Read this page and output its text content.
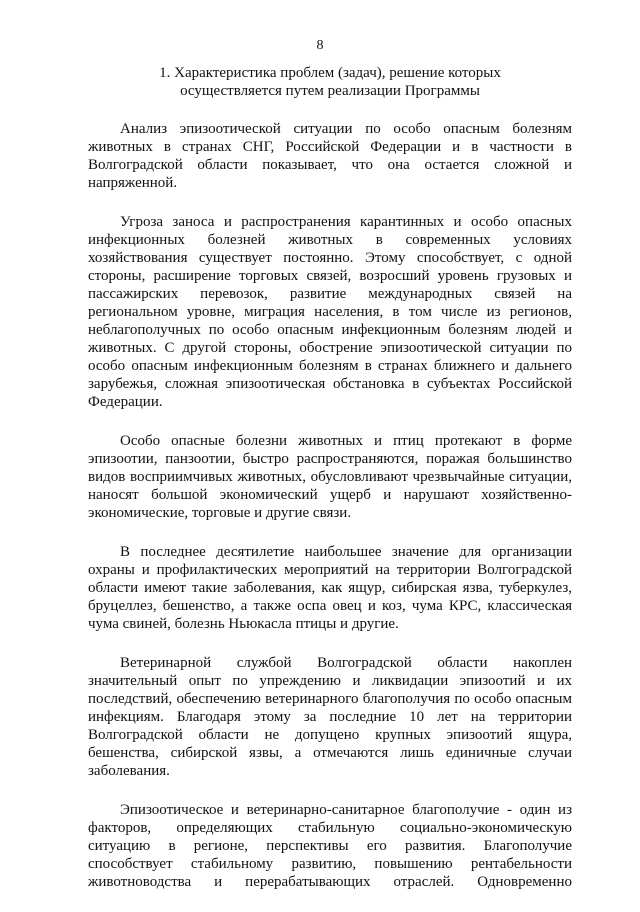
8
1. Характеристика проблем (задач), решение которых
осуществляется путем реализации Программы
Анализ эпизоотической ситуации по особо опасным болезням
животных в странах СНГ, Российской Федерации и в частности в
Волгоградской области показывает, что она остается сложной и
напряженной.
Угроза заноса и распространения карантинных и особо опасных
инфекционных болезней животных в современных условиях
хозяйствования существует постоянно. Этому способствует, с одной
стороны, расширение торговых связей, возросший уровень грузовых и
пассажирских перевозок, развитие международных связей на
региональном уровне, миграция населения, в том числе из регионов,
неблагополучных по особо опасным инфекционным болезням людей и
животных. С другой стороны, обострение эпизоотической ситуации по
особо опасным инфекционным болезням в странах ближнего и дальнего
зарубежья, сложная эпизоотическая обстановка в субъектах Российской
Федерации.
Особо опасные болезни животных и птиц протекают в форме
эпизоотии, панзоотии, быстро распространяются, поражая большинство
видов восприимчивых животных, обусловливают чрезвычайные ситуации,
наносят большой экономический ущерб и нарушают хозяйственно-
экономические, торговые и другие связи.
В последнее десятилетие наибольшее значение для организации
охраны и профилактических мероприятий на территории Волгоградской
области имеют такие заболевания, как ящур, сибирская язва, туберкулез,
бруцеллез, бешенство, а также оспа овец и коз, чума КРС, классическая
чума свиней, болезнь Ньюкасла птицы и другие.
Ветеринарной службой Волгоградской области накоплен
значительный опыт по упреждению и ликвидации эпизоотий и их
последствий, обеспечению ветеринарного благополучия по особо опасным
инфекциям. Благодаря этому за последние 10 лет на территории
Волгоградской области не допущено крупных эпизоотий ящура,
бешенства, сибирской язвы, а отмечаются лишь единичные случаи
заболевания.
Эпизоотическое и ветеринарно-санитарное благополучие - один из
факторов, определяющих стабильную социально-экономическую
ситуацию в регионе, перспективы его развития. Благополучие
способствует стабильному развитию, повышению рентабельности
животноводства и перерабатывающих отраслей. Одновременно
